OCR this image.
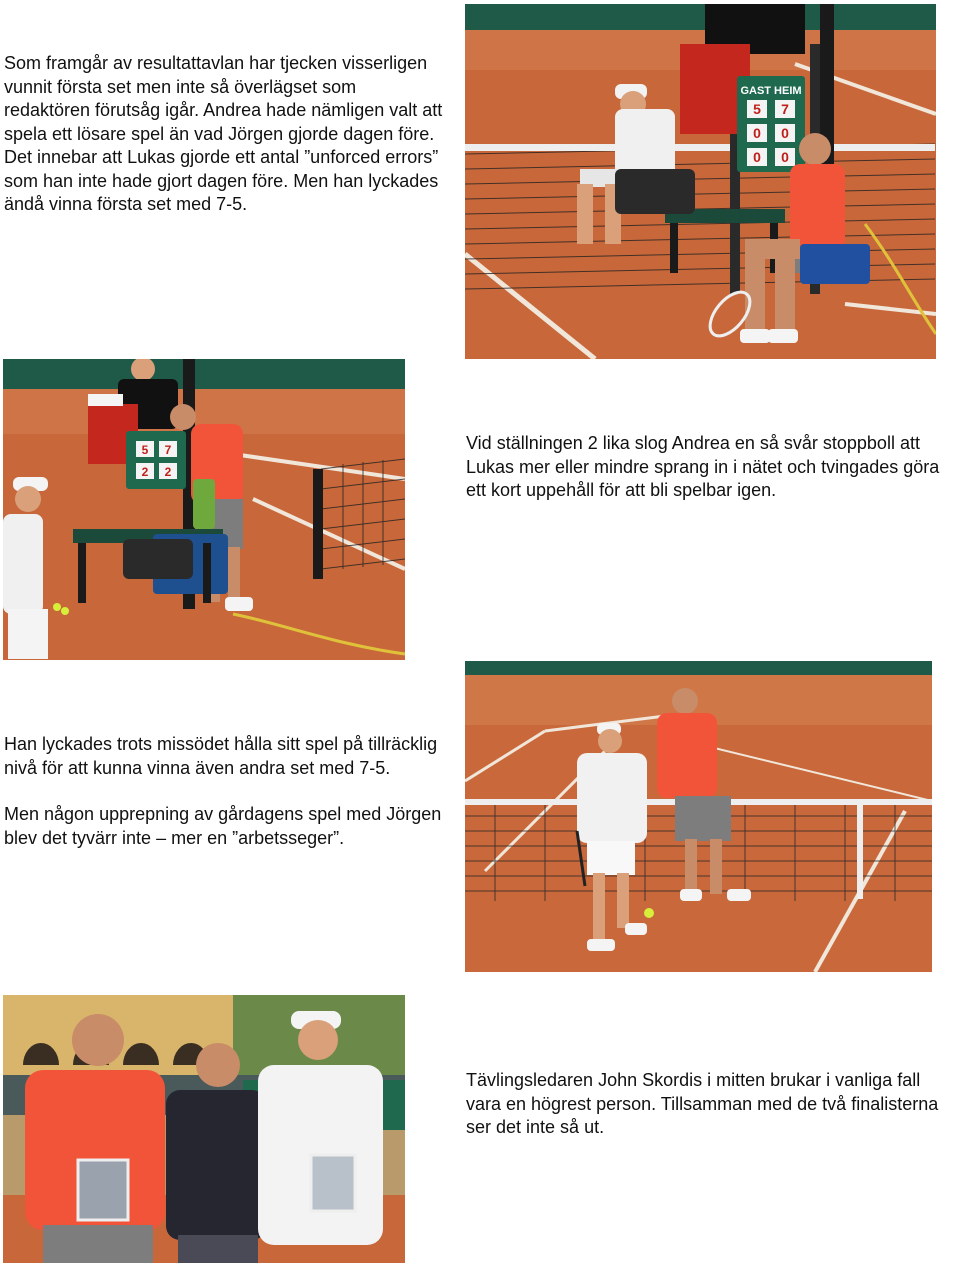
Som framgår av resultattavlan har tjecken visserligen vunnit första set men inte så överlägset som redaktören förutsåg igår. Andrea hade nämligen valt att spela ett lösare spel än vad Jörgen gjorde dagen före. Det innebar att Lukas gjorde ett antal ”unforced errors” som han inte hade gjort dagen före. Men han lyckades ändå vinna första set med 7-5.

GAST HEIM
5 7
0 0
0 0
5 7
2 2

Vid ställningen 2 lika slog Andrea en så svår stoppboll att Lukas mer eller mindre sprang in i nätet och tvingades göra ett kort uppehåll för att bli spelbar igen.

Han lyckades trots missödet hålla sitt spel på tillräcklig nivå för att kunna vinna även andra set med 7-5.

Men någon upprepning av gårdagens spel med Jörgen blev det tyvärr inte – mer en ”arbetsseger”.

Tävlingsledaren John Skordis i mitten brukar i vanliga fall vara en högrest person. Tillsamman med de två finalisterna ser det inte så ut.
